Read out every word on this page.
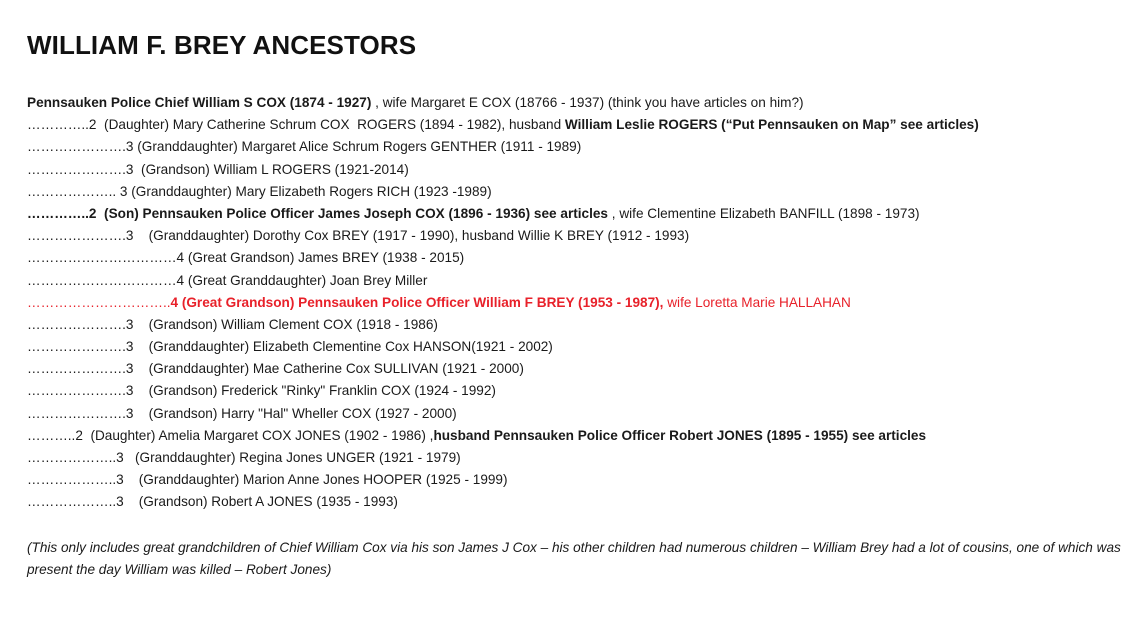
WILLIAM F. BREY ANCESTORS
Pennsauken Police Chief William S COX (1874 - 1927) , wife Margaret E COX (18766 - 1937) (think you have articles on him?)
…………..2  (Daughter) Mary Catherine Schrum COX  ROGERS (1894 - 1982), husband William Leslie ROGERS (“Put Pennsauken on Map” see articles)
………………….3 (Granddaughter) Margaret Alice Schrum Rogers GENTHER (1911 - 1989)
………………….3  (Grandson) William L ROGERS (1921-2014)
……………….. 3 (Granddaughter) Mary Elizabeth Rogers RICH (1923 -1989)
…………..2  (Son) Pennsauken Police Officer James Joseph COX (1896 - 1936) see articles , wife Clementine Elizabeth BANFILL (1898 - 1973)
………………….3    (Granddaughter) Dorothy Cox BREY (1917 - 1990), husband Willie K BREY (1912 - 1993)
……………………………4 (Great Grandson) James BREY (1938 - 2015)
……………………………4 (Great Granddaughter) Joan Brey Miller
…………………………..4 (Great Grandson) Pennsauken Police Officer William F BREY (1953 - 1987), wife Loretta Marie HALLAHAN
………………….3    (Grandson) William Clement COX (1918 - 1986)
………………….3    (Granddaughter) Elizabeth Clementine Cox HANSON(1921 - 2002)
………………….3    (Granddaughter) Mae Catherine Cox SULLIVAN (1921 - 2000)
………………….3    (Grandson) Frederick "Rinky" Franklin COX (1924 - 1992)
………………….3    (Grandson) Harry "Hal" Wheller COX (1927 - 2000)
………..2  (Daughter) Amelia Margaret COX JONES (1902 - 1986) ,husband Pennsauken Police Officer Robert JONES (1895 - 1955) see articles
………………..3   (Granddaughter) Regina Jones UNGER (1921 - 1979)
………………..3    (Granddaughter) Marion Anne Jones HOOPER (1925 - 1999)
………………..3    (Grandson) Robert A JONES (1935 - 1993)

(This only includes great grandchildren of Chief William Cox via his son James J Cox – his other children had numerous children – William Brey had a lot of cousins, one of which was present the day William was killed – Robert Jones)
